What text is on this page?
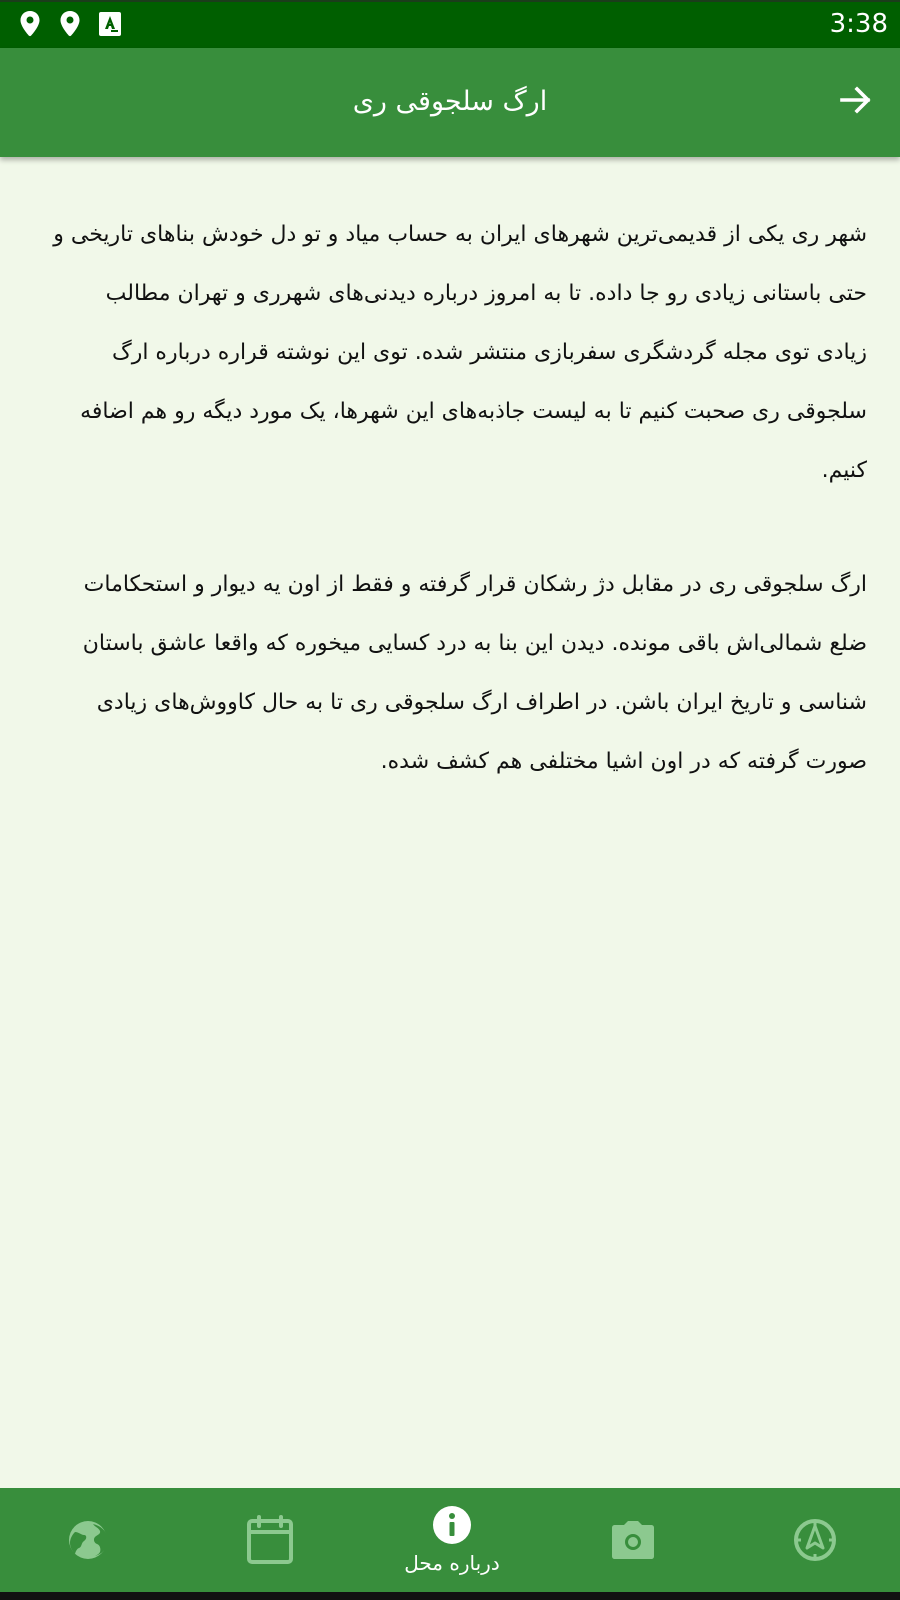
3:38
ارگ سلجوقی ری

شهر ری یکی از قدیمی‌ترین شهرهای ایران به حساب میاد و تو دل خودش بناهای تاریخی و حتی باستانی زیادی رو جا داده. تا به امروز درباره دیدنی‌های شهرری و تهران مطالب زیادی توی مجله گردشگری سفربازی منتشر شده. توی این نوشته قراره درباره ارگ سلجوقی ری صحبت کنیم تا به لیست جاذبه‌های این شهرها، یک مورد دیگه رو هم اضافه کنیم.

ارگ سلجوقی ری در مقابل دژ رشکان قرار گرفته و فقط از اون یه دیوار و استحکامات ضلع شمالی‌اش باقی مونده. دیدن این بنا به درد کسایی میخوره که واقعا عاشق باستان شناسی و تاریخ ایران باشن. در اطراف ارگ سلجوقی ری تا به حال کاووش‌های زیادی صورت گرفته که در اون اشیا مختلفی هم کشف شده.

درباره محل
